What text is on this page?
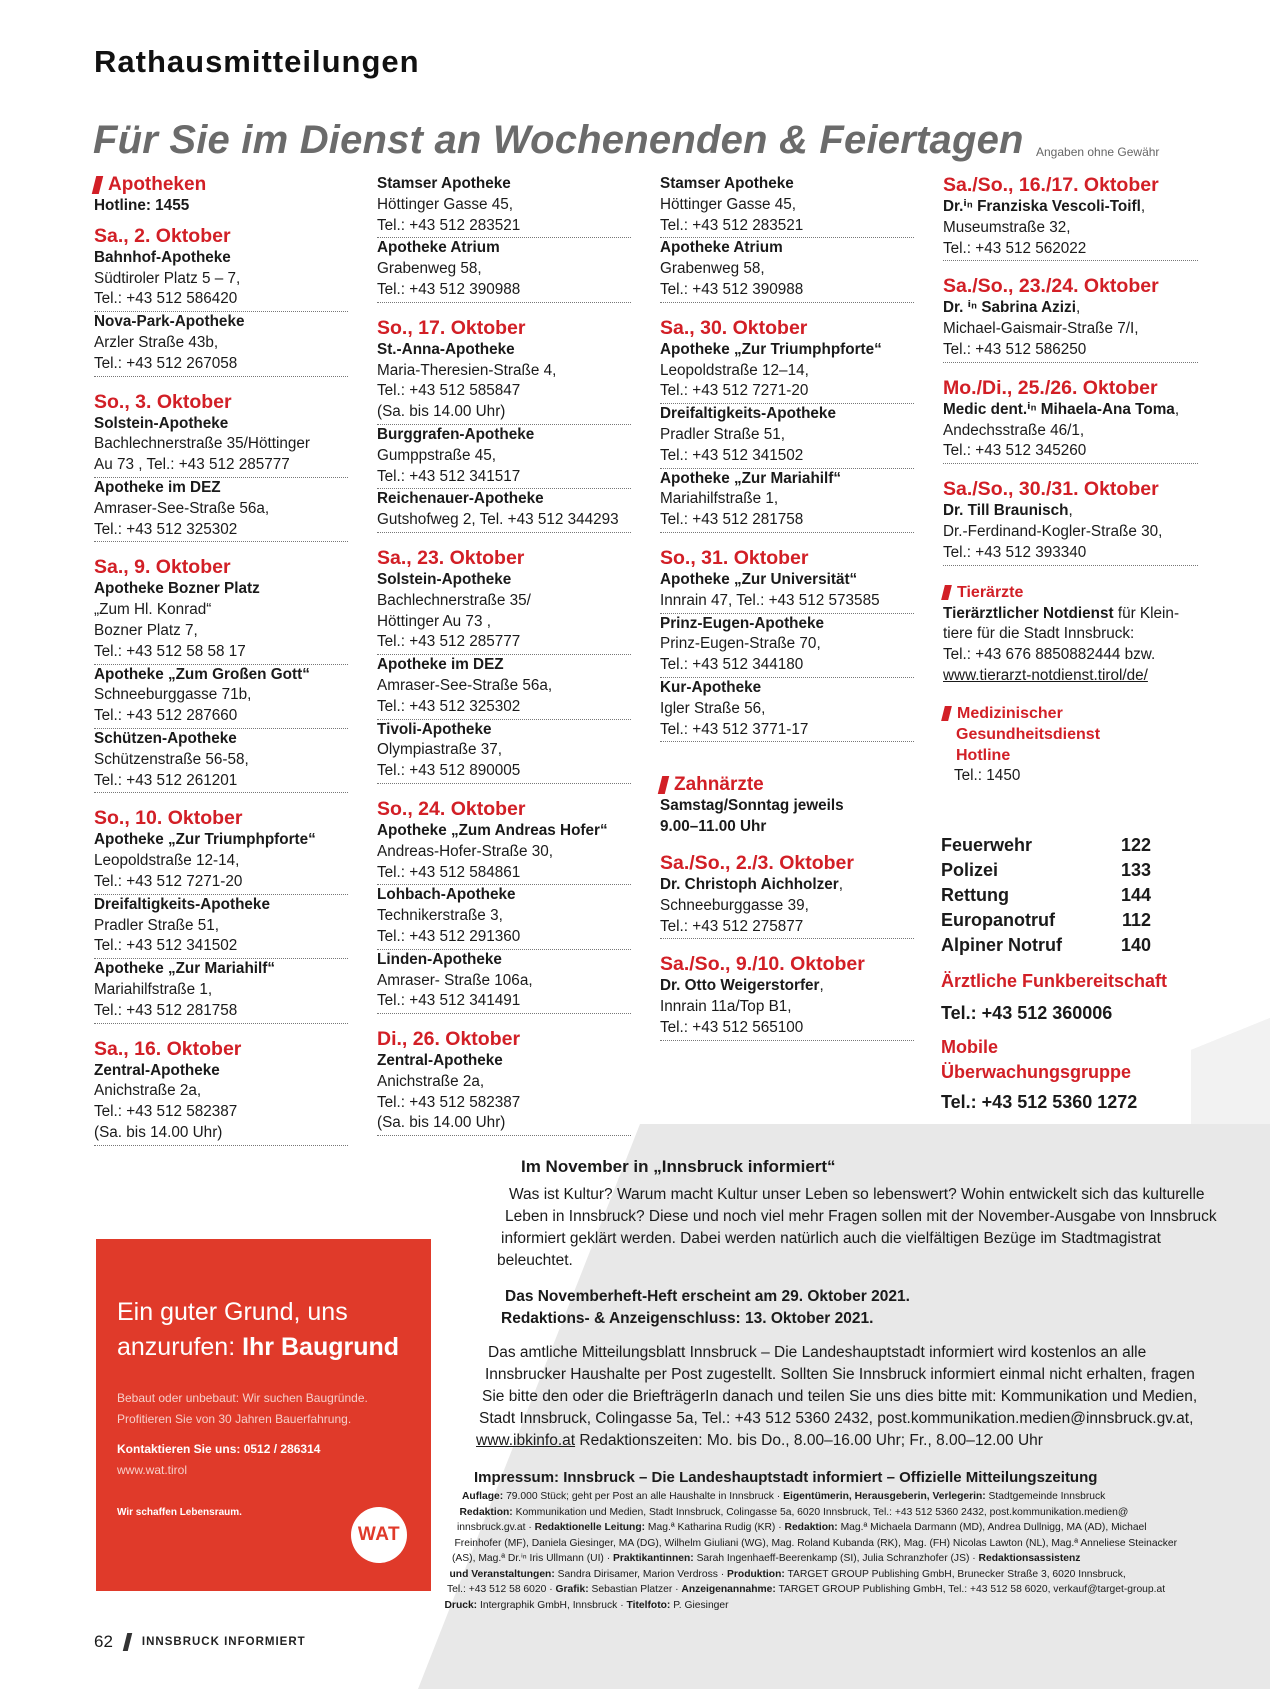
Rathausmitteilungen
Für Sie im Dienst an Wochenenden & Feiertagen Angaben ohne Gewähr
Apotheken
Hotline: 1455
Sa., 2. Oktober
Bahnhof-Apotheke
Südtiroler Platz 5 – 7,
Tel.: +43 512 586420
Nova-Park-Apotheke
Arzler Straße 43b,
Tel.: +43 512 267058
So., 3. Oktober
Solstein-Apotheke
Bachlechnerstraße 35/Höttinger
Au 73 , Tel.: +43 512 285777
Apotheke im DEZ
Amraser-See-Straße 56a,
Tel.: +43 512 325302
Sa., 9. Oktober
Apotheke Bozner Platz
„Zum Hl. Konrad“
Bozner Platz 7,
Tel.: +43 512 58 58 17
Apotheke „Zum Großen Gott“
Schneeburggasse 71b,
Tel.: +43 512 287660
Schützen-Apotheke
Schützenstraße 56-58,
Tel.: +43 512 261201
So., 10. Oktober
Apotheke „Zur Triumphpforte“
Leopoldstraße 12-14,
Tel.: +43 512 7271-20
Dreifaltigkeits-Apotheke
Pradler Straße 51,
Tel.: +43 512 341502
Apotheke „Zur Mariahilf“
Mariahilfstraße 1,
Tel.: +43 512 281758
Sa., 16. Oktober
Zentral-Apotheke
Anichstraße 2a,
Tel.: +43 512 582387
(Sa. bis 14.00 Uhr)
Stamser Apotheke
Höttinger Gasse 45,
Tel.: +43 512 283521
Apotheke Atrium
Grabenweg 58,
Tel.: +43 512 390988
So., 17. Oktober
St.-Anna-Apotheke
Maria-Theresien-Straße 4,
Tel.: +43 512 585847
(Sa. bis 14.00 Uhr)
Burggrafen-Apotheke
Gumppstraße 45,
Tel.: +43 512 341517
Reichenauer-Apotheke
Gutshofweg 2, Tel. +43 512 344293
Sa., 23. Oktober
Solstein-Apotheke
Bachlechnerstraße 35/
Höttinger Au 73 ,
Tel.: +43 512 285777
Apotheke im DEZ
Amraser-See-Straße 56a,
Tel.: +43 512 325302
Tivoli-Apotheke
Olympiastraße 37,
Tel.: +43 512 890005
So., 24. Oktober
Apotheke „Zum Andreas Hofer“
Andreas-Hofer-Straße 30,
Tel.: +43 512 584861
Lohbach-Apotheke
Technikerstraße 3,
Tel.: +43 512 291360
Linden-Apotheke
Amraser- Straße 106a,
Tel.: +43 512 341491
Di., 26. Oktober
Zentral-Apotheke
Anichstraße 2a,
Tel.: +43 512 582387
(Sa. bis 14.00 Uhr)
Stamser Apotheke
Höttinger Gasse 45,
Tel.: +43 512 283521
Apotheke Atrium
Grabenweg 58,
Tel.: +43 512 390988
Sa., 30. Oktober
Apotheke „Zur Triumphpforte“
Leopoldstraße 12–14,
Tel.: +43 512 7271-20
Dreifaltigkeits-Apotheke
Pradler Straße 51,
Tel.: +43 512 341502
Apotheke „Zur Mariahilf“
Mariahilfstraße 1,
Tel.: +43 512 281758
So., 31. Oktober
Apotheke „Zur Universität“
Innrain 47, Tel.: +43 512 573585
Prinz-Eugen-Apotheke
Prinz-Eugen-Straße 70,
Tel.: +43 512 344180
Kur-Apotheke
Igler Straße 56,
Tel.: +43 512 3771-17
Zahnärzte
Samstag/Sonntag jeweils
9.00–11.00 Uhr
Sa./So., 2./3. Oktober
Dr. Christoph Aichholzer,
Schneeburggasse 39,
Tel.: +43 512 275877
Sa./So., 9./10. Oktober
Dr. Otto Weigerstorfer,
Innrain 11a/Top B1,
Tel.: +43 512 565100
Sa./So., 16./17. Oktober
Dr.ⁱⁿ Franziska Vescoli-Toifl,
Museumstraße 32,
Tel.: +43 512 562022
Sa./So., 23./24. Oktober
Dr. ⁱⁿ Sabrina Azizi,
Michael-Gaismair-Straße 7/I,
Tel.: +43 512 586250
Mo./Di., 25./26. Oktober
Medic dent.ⁱⁿ Mihaela-Ana Toma,
Andechsstraße 46/1,
Tel.: +43 512 345260
Sa./So., 30./31. Oktober
Dr. Till Braunisch,
Dr.-Ferdinand-Kogler-Straße 30,
Tel.: +43 512 393340
Tierärzte
Tierärztlicher Notdienst für Klein-
tiere für die Stadt Innsbruck:
Tel.: +43 676 8850882444 bzw.
www.tierarzt-notdienst.tirol/de/
Medizinischer
Gesundheitsdienst
Hotline
Tel.: 1450
Feuerwehr	122
Polizei	133
Rettung	144
Europanotruf	112
Alpiner Notruf	140
Ärztliche Funkbereitschaft
Tel.: +43 512 360006
Mobile
Überwachungsgruppe
Tel.: +43 512 5360 1272
Ein guter Grund, uns
anzurufen: Ihr Baugrund
Bebaut oder unbebaut: Wir suchen Baugründe.
Profitieren Sie von 30 Jahren Bauerfahrung.
Kontaktieren Sie uns: 0512 / 286314
www.wat.tirol
Wir schaffen Lebensraum.
WAT
Im November in „Innsbruck informiert“
Was ist Kultur? Warum macht Kultur unser Leben so lebenswert? Wohin entwickelt sich das kulturelle
Leben in Innsbruck? Diese und noch viel mehr Fragen sollen mit der November-Ausgabe von Innsbruck
informiert geklärt werden. Dabei werden natürlich auch die vielfältigen Bezüge im Stadtmagistrat
beleuchtet.
Das Novemberheft-Heft erscheint am 29. Oktober 2021.
Redaktions- & Anzeigenschluss: 13. Oktober 2021.
Das amtliche Mitteilungsblatt Innsbruck – Die Landeshauptstadt informiert wird kostenlos an alle
Innsbrucker Haushalte per Post zugestellt. Sollten Sie Innsbruck informiert einmal nicht erhalten, fragen
Sie bitte den oder die BriefträgerIn danach und teilen Sie uns dies bitte mit: Kommunikation und Medien,
Stadt Innsbruck, Colingasse 5a, Tel.: +43 512 5360 2432, post.kommunikation.medien@innsbruck.gv.at,
www.ibkinfo.at Redaktionszeiten: Mo. bis Do., 8.00–16.00 Uhr; Fr., 8.00–12.00 Uhr
Impressum: Innsbruck – Die Landeshauptstadt informiert – Offizielle Mitteilungszeitung
Auflage: 79.000 Stück; geht per Post an alle Haushalte in Innsbruck · Eigentümerin, Herausgeberin, Verlegerin: Stadtgemeinde Innsbruck
Redaktion: Kommunikation und Medien, Stadt Innsbruck, Colingasse 5a, 6020 Innsbruck, Tel.: +43 512 5360 2432, post.kommunikation.medien@
innsbruck.gv.at · Redaktionelle Leitung: Mag.ª Katharina Rudig (KR) · Redaktion: Mag.ª Michaela Darmann (MD), Andrea Dullnigg, MA (AD), Michael
Freinhofer (MF), Daniela Giesinger, MA (DG), Wilhelm Giuliani (WG), Mag. Roland Kubanda (RK), Mag. (FH) Nicolas Lawton (NL), Mag.ª Anneliese Steinacker
(AS), Mag.ª Dr.ⁱⁿ Iris Ullmann (UI) · Praktikantinnen: Sarah Ingenhaeff-Beerenkamp (SI), Julia Schranzhofer (JS) · Redaktionsassistenz
und Veranstaltungen: Sandra Dirisamer, Marion Verdross · Produktion: TARGET GROUP Publishing GmbH, Brunecker Straße 3, 6020 Innsbruck,
Tel.: +43 512 58 6020 · Grafik: Sebastian Platzer · Anzeigenannahme: TARGET GROUP Publishing GmbH, Tel.: +43 512 58 6020, verkauf@target-group.at
Druck: Intergraphik GmbH, Innsbruck · Titelfoto: P. Giesinger
62	INNSBRUCK INFORMIERT
